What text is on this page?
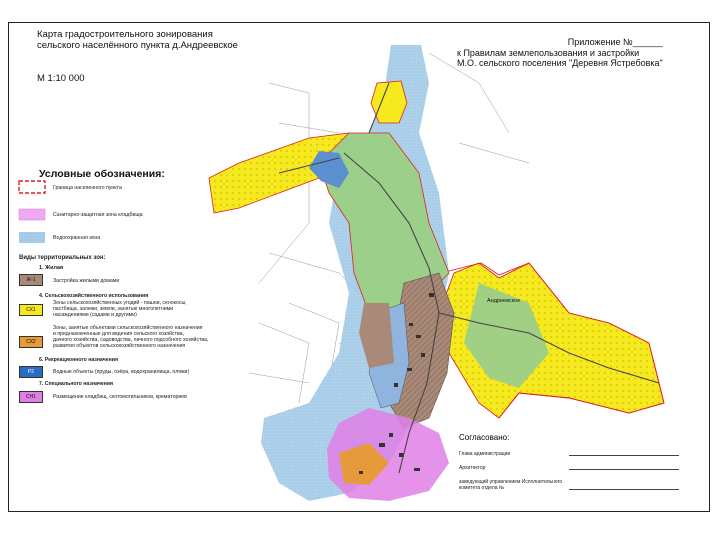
Карта градостроительного зонирования
сельского населённого пункта д.Андреевское
М 1:10 000
Приложение №______
к Правилам землепользования и застройки
М.О. сельского поселения "Деревня Ястребовка"
Условные обозначения:
Граница населенного пункта
Санитарно-защитная зона кладбища
Водоохранная зона
Виды территориальных зон:
1. Жилая
Ж-1	Застройка жилыми домами
4. Сельскохозяйственного использования
СХ1
Зоны сельскохозяйственных угодий - пашни, сенокосы,
пастбища, залежи, земли, занятые многолетними
насаждениями (садами и другими)
СХ2
Зоны, занятые объектами сельскохозяйственного назначения
и предназначенные для ведения сельского хозяйства,
дачного хозяйства, садоводства, личного подсобного хозяйства,
развития объектов сельскохозяйственного назначения
6. Рекреационного назначения
Р2	Водные объекты (пруды, озёра, водохранилища, пляжи)
7. Специального назначения
СН1	Размещение кладбищ, скотомогильников, крематориев
Андреевское
Согласовано:
Глава администрации
Архитектор
заведующий управлением Исполнительного
комитета отдела №
